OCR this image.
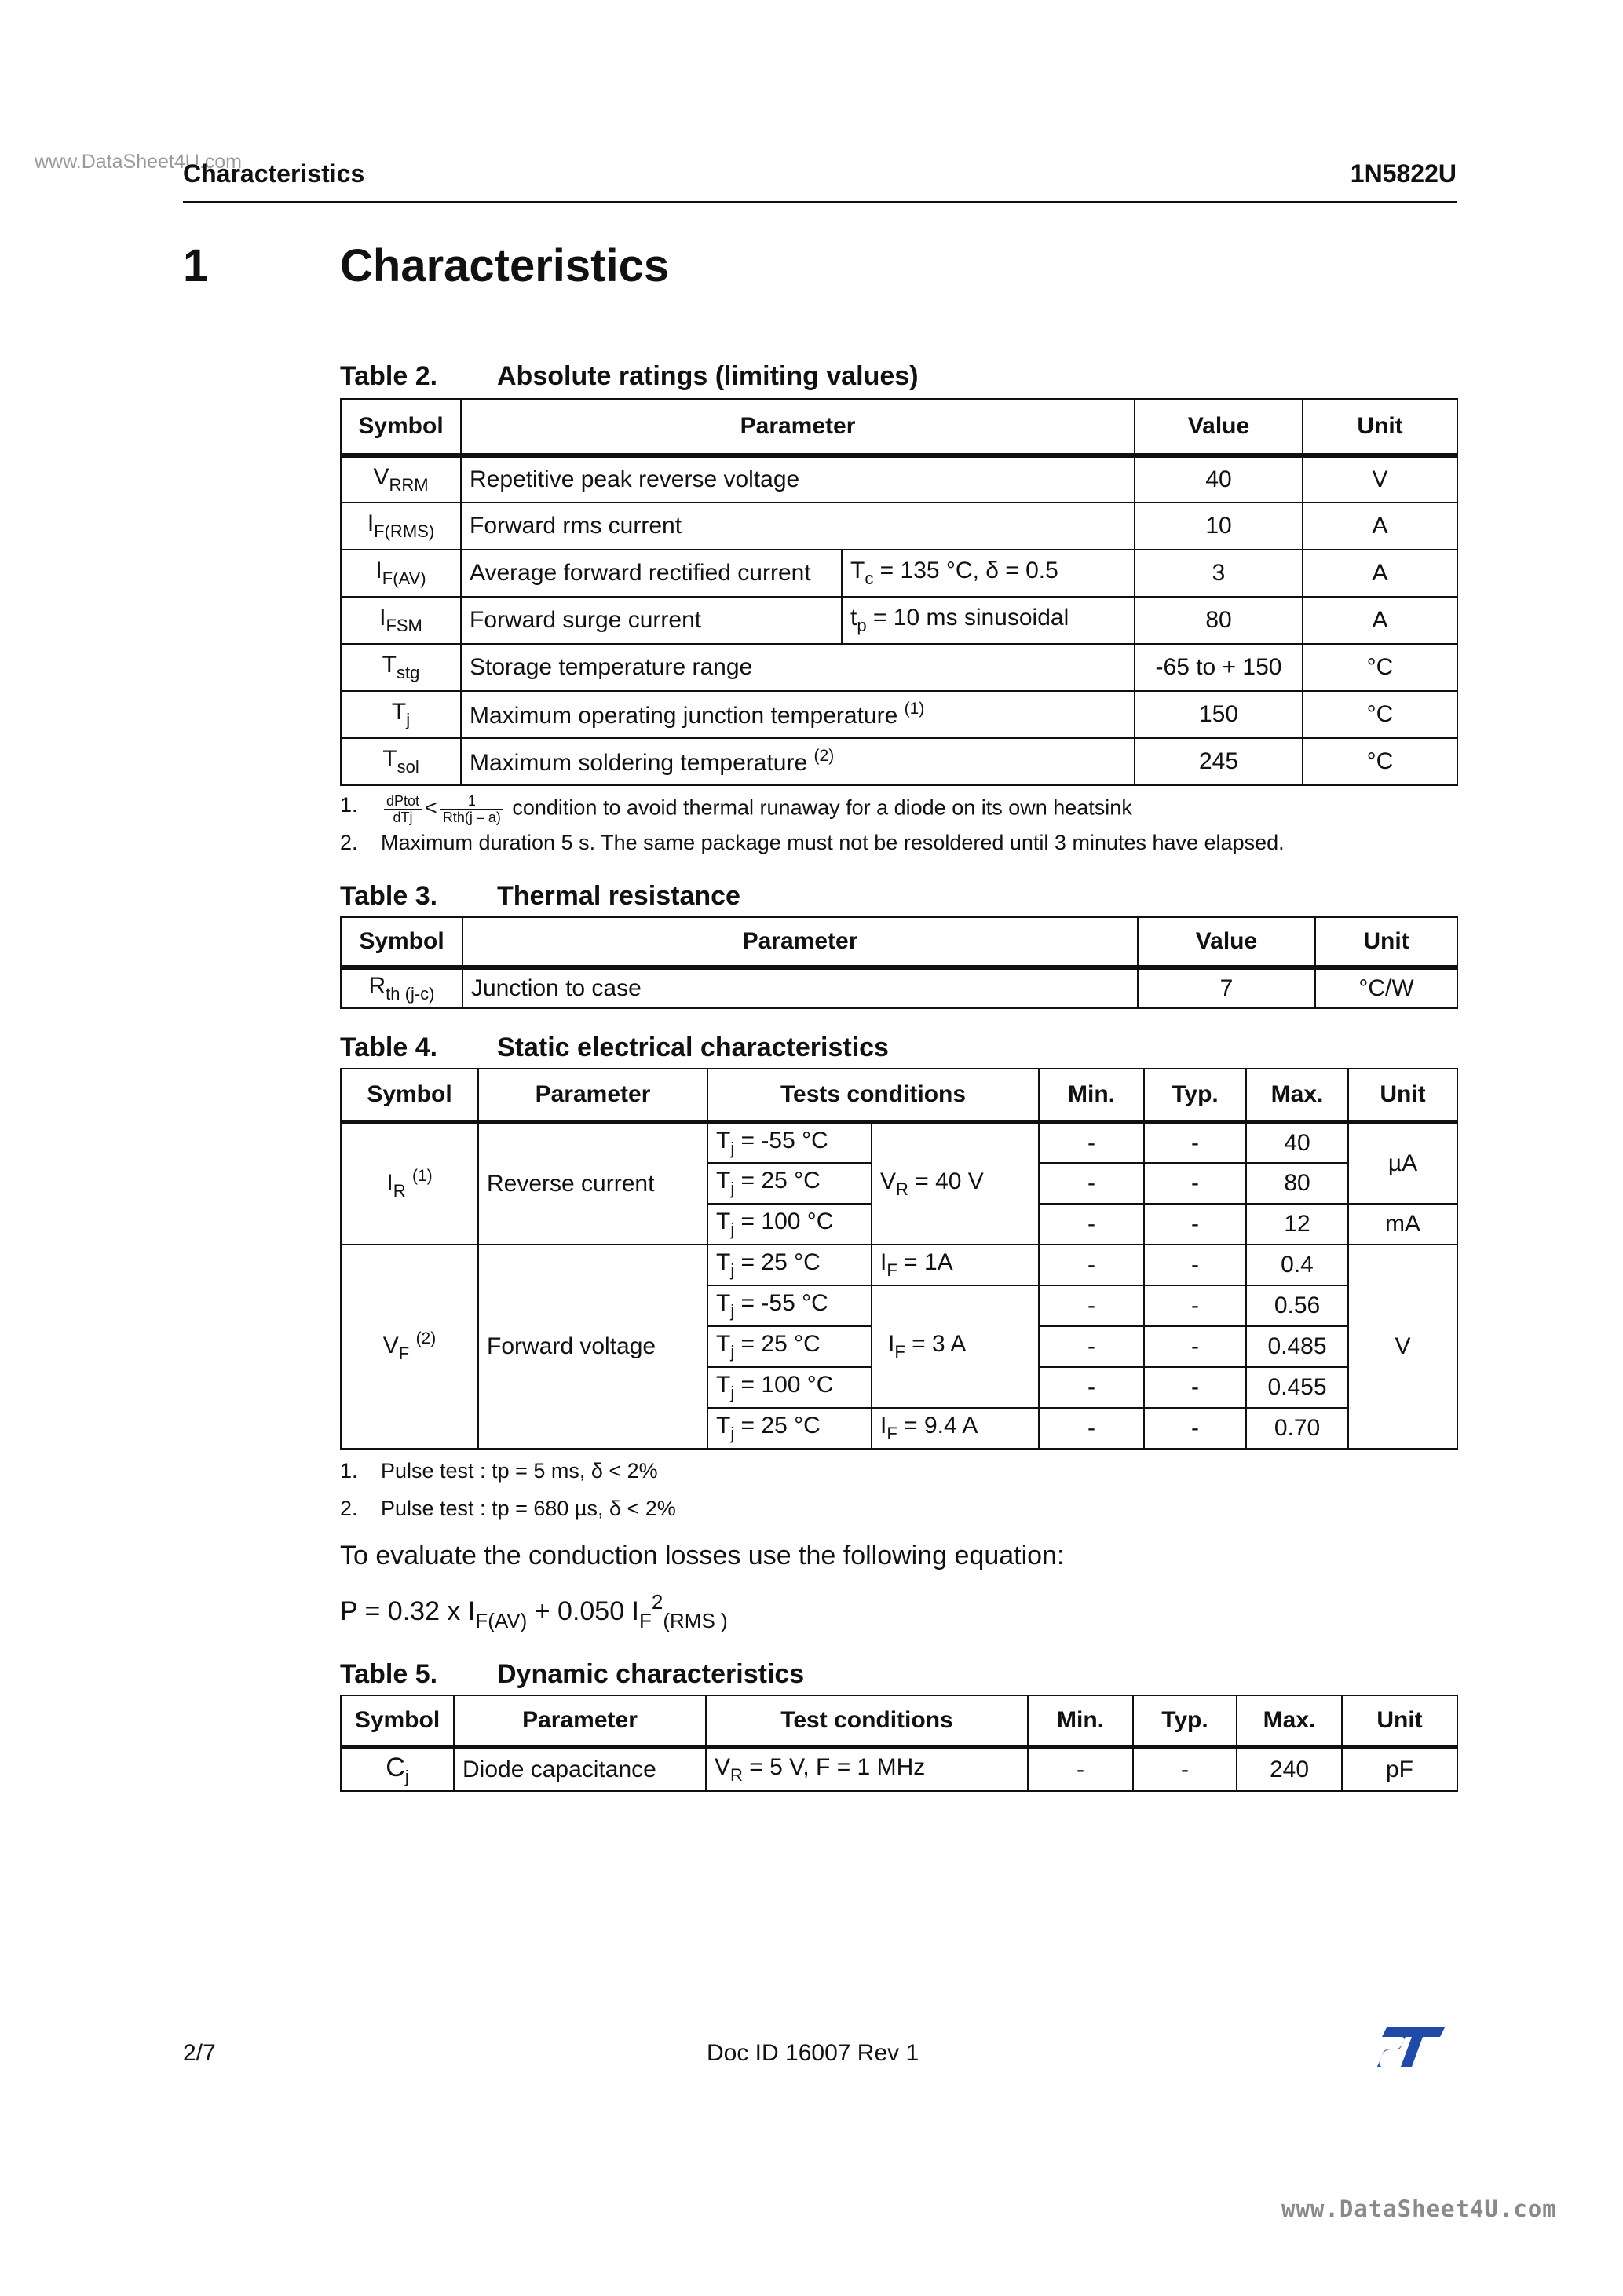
www.DataSheet4U.com
Characteristics	1N5822U
1	Characteristics
Table 2. Absolute ratings (limiting values)
Symbol	Parameter		Value	Unit
$V_{RRM}$	Repetitive peak reverse voltage		40	V
$I_{F(RMS)}$	Forward rms current		10	A
$I_{F(AV)}$	Average forward rectified current	$T_c = 135$ °C, δ = 0.5	3	A
$I_{FSM}$	Forward surge current	$t_p = 10$ ms sinusoidal	80	A
$T_{stg}$	Storage temperature range		-65 to + 150	°C
$T_j$	Maximum operating junction temperature $^{(1)}$		150	°C
$T_{sol}$	Maximum soldering temperature $^{(2)}$		245	°C
1. $\frac{\text{dPtot}}{\text{dTj}} < \frac{1}{\text{Rth(j – a)}}$ condition to avoid thermal runaway for a diode on its own heatsink
2. Maximum duration 5 s. The same package must not be resoldered until 3 minutes have elapsed.
Table 3. Thermal resistance
Symbol	Parameter	Value	Unit
$R_{th (j-c)}$	Junction to case	7	°C/W
Table 4. Static electrical characteristics
Symbol	Parameter	Tests conditions		Min.	Typ.	Max.	Unit
$I_R$ $^{(1)}$	Reverse current	$T_j = -55$ °C	$V_R = 40$ V	-	-	40	µA
		$T_j = 25$ °C		-	-	80	
		$T_j = 100$ °C		-	-	12	mA
$V_F$ $^{(2)}$	Forward voltage	$T_j = 25$ °C	$I_F = 1A$	-	-	0.4	V
		$T_j = -55$ °C	$I_F = 3$ A	-	-	0.56	
		$T_j = 25$ °C		-	-	0.485	
		$T_j = 100$ °C		-	-	0.455	
		$T_j = 25$ °C	$I_F = 9.4$ A	-	-	0.70	
1. Pulse test : tp = 5 ms, δ < 2%
2. Pulse test : tp = 680 µs, δ < 2%
To evaluate the conduction losses use the following equation:
P = 0.32 x $I_{F(AV)} + 0.050$ $I_F^2_{(RMS )}$
Table 5. Dynamic characteristics
Symbol	Parameter	Test conditions	Min.	Typ.	Max.	Unit
$C_j$	Diode capacitance	$V_R = 5$ V, F = 1 MHz	-	-	240	pF
2/7	Doc ID 16007 Rev 1
www.DataSheet4U.com
